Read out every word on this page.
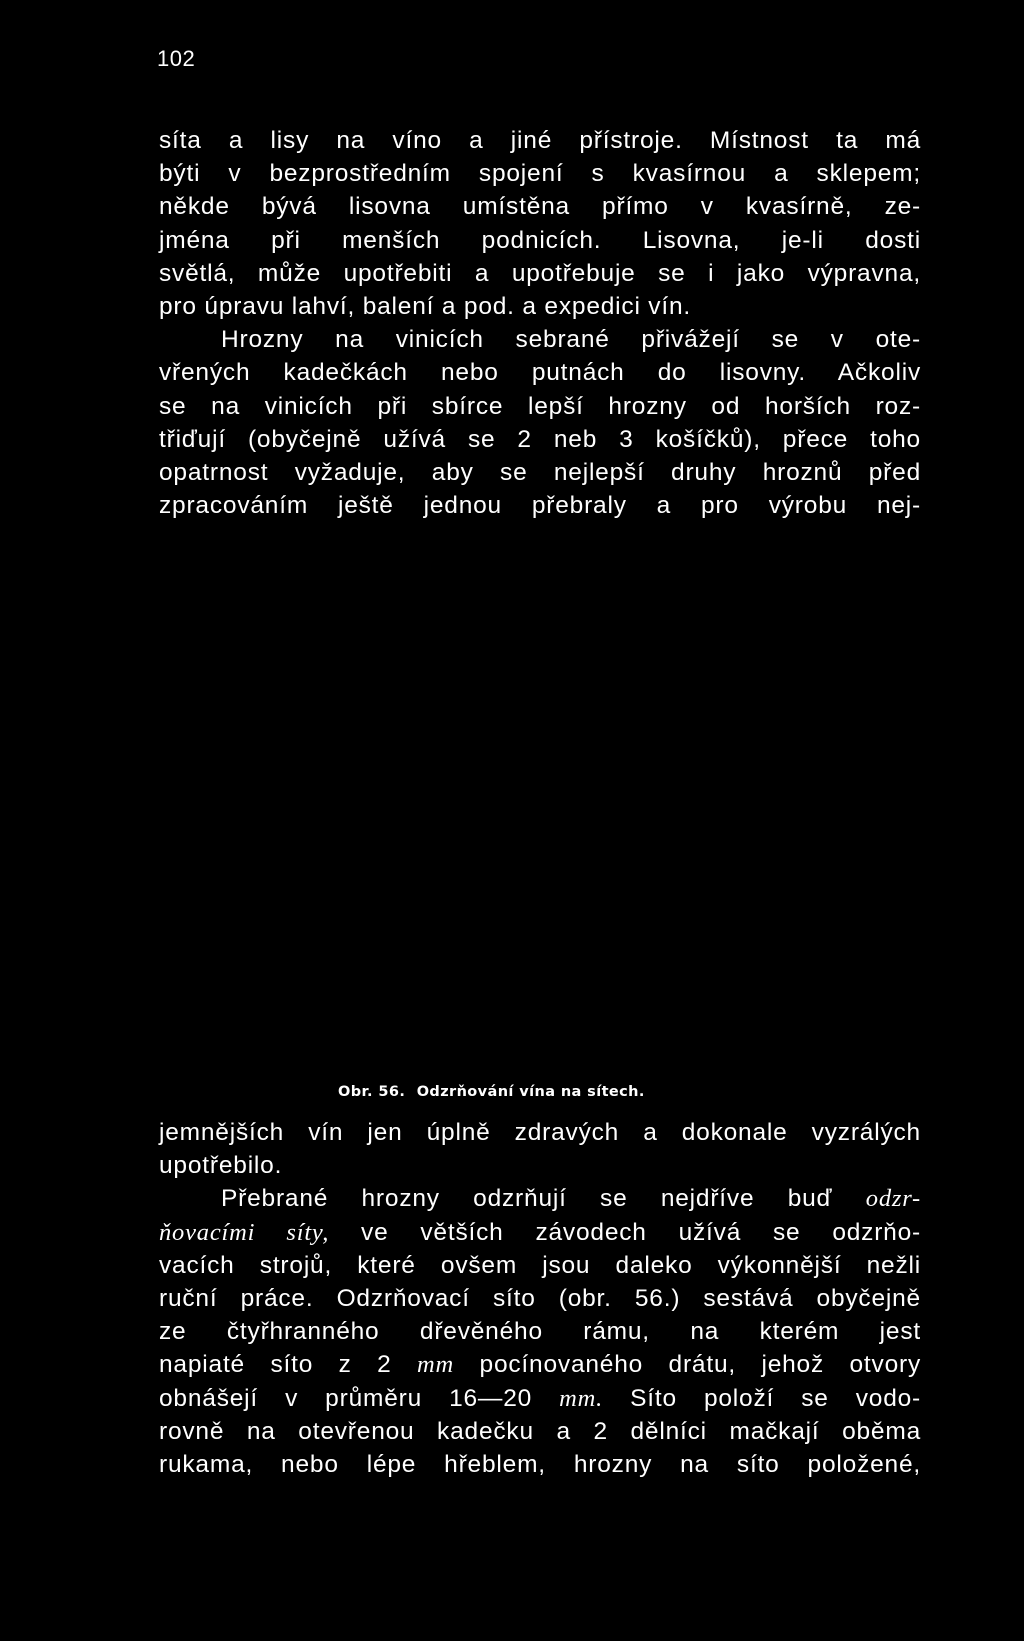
102
síta a lisy na víno a jiné přístroje. Místnost ta má
býti v bezprostředním spojení s kvasírnou a sklepem;
někde bývá lisovna umístěna přímo v kvasírně, ze-
jména při menších podnicích. Lisovna, je-li dosti
světlá, může upotřebiti a upotřebuje se i jako výpravna,
pro úpravu lahví, balení a pod. a expedici vín.
Hrozny na vinicích sebrané přivážejí se v ote-
vřených kadečkách nebo putnách do lisovny. Ačkoliv
se na vinicích při sbírce lepší hrozny od horších roz-
třiďují (obyčejně užívá se 2 neb 3 košíčků), přece toho
opatrnost vyžaduje, aby se nejlepší druhy hroznů před
zpracováním ještě jednou přebraly a pro výrobu nej-
Obr. 56. Odzrňování vína na sítech.
jemnějších vín jen úplně zdravých a dokonale vyzrálých
upotřebilo.
Přebrané hrozny odzrňují se nejdříve buď odzr-
ňovacími síty, ve větších závodech užívá se odzrňo-
vacích strojů, které ovšem jsou daleko výkonnější nežli
ruční práce. Odzrňovací síto (obr. 56.) sestává obyčejně
ze čtyřhranného dřevěného rámu, na kterém jest
napiaté síto z 2 mm pocínovaného drátu, jehož otvory
obnášejí v průměru 16—20 mm. Síto položí se vodo-
rovně na otevřenou kadečku a 2 dělníci mačkají oběma
rukama, nebo lépe hřeblem, hrozny na síto položené,
